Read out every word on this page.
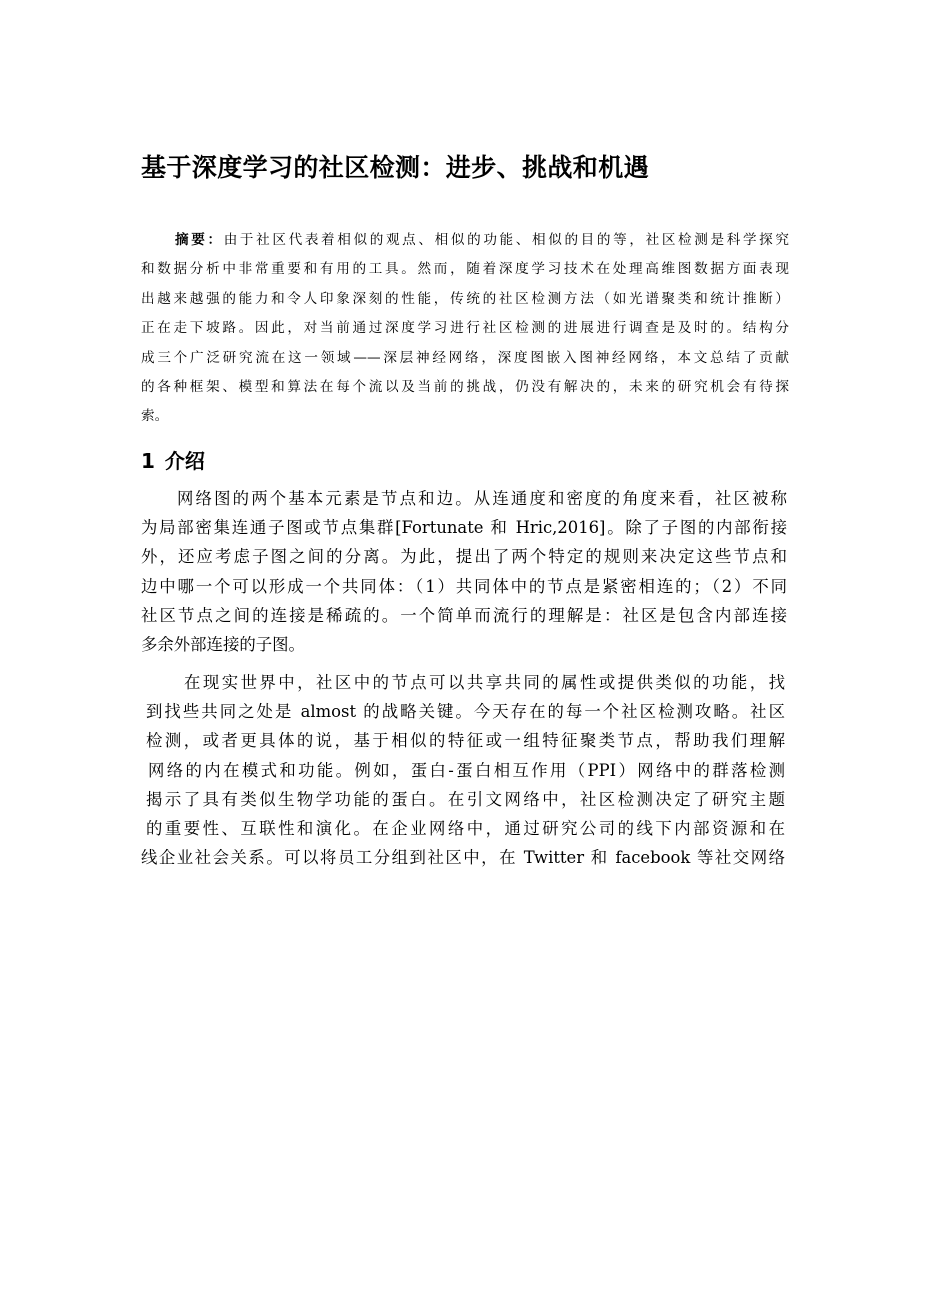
基于深度学习的社区检测：进步、挑战和机遇
摘要：由于社区代表着相似的观点、相似的功能、相似的目的等，社区检测是科学探究
和数据分析中非常重要和有用的工具。然而，随着深度学习技术在处理高维图数据方面表现
出越来越强的能力和令人印象深刻的性能，传统的社区检测方法（如光谱聚类和统计推断）
正在走下坡路。因此，对当前通过深度学习进行社区检测的进展进行调查是及时的。结构分
成三个广泛研究流在这一领域——深层神经网络，深度图嵌入图神经网络，本文总结了贡献
的各种框架、模型和算法在每个流以及当前的挑战，仍没有解决的，未来的研究机会有待探
索。
1 介绍
网络图的两个基本元素是节点和边。从连通度和密度的角度来看，社区被称
为局部密集连通子图或节点集群[Fortunate 和 Hric,2016]。除了子图的内部衔接
外，还应考虑子图之间的分离。为此，提出了两个特定的规则来决定这些节点和
边中哪一个可以形成一个共同体：（1）共同体中的节点是紧密相连的；（2）不同
社区节点之间的连接是稀疏的。一个简单而流行的理解是：社区是包含内部连接
多余外部连接的子图。
在现实世界中，社区中的节点可以共享共同的属性或提供类似的功能，找
到找些共同之处是 almost 的战略关键。今天存在的每一个社区检测攻略。社区
检测，或者更具体的说，基于相似的特征或一组特征聚类节点，帮助我们理解
网络的内在模式和功能。例如，蛋白-蛋白相互作用（PPI）网络中的群落检测
揭示了具有类似生物学功能的蛋白。在引文网络中，社区检测决定了研究主题
的重要性、互联性和演化。在企业网络中，通过研究公司的线下内部资源和在
线企业社会关系。可以将员工分组到社区中，在 Twitter 和 facebook 等社交网络
